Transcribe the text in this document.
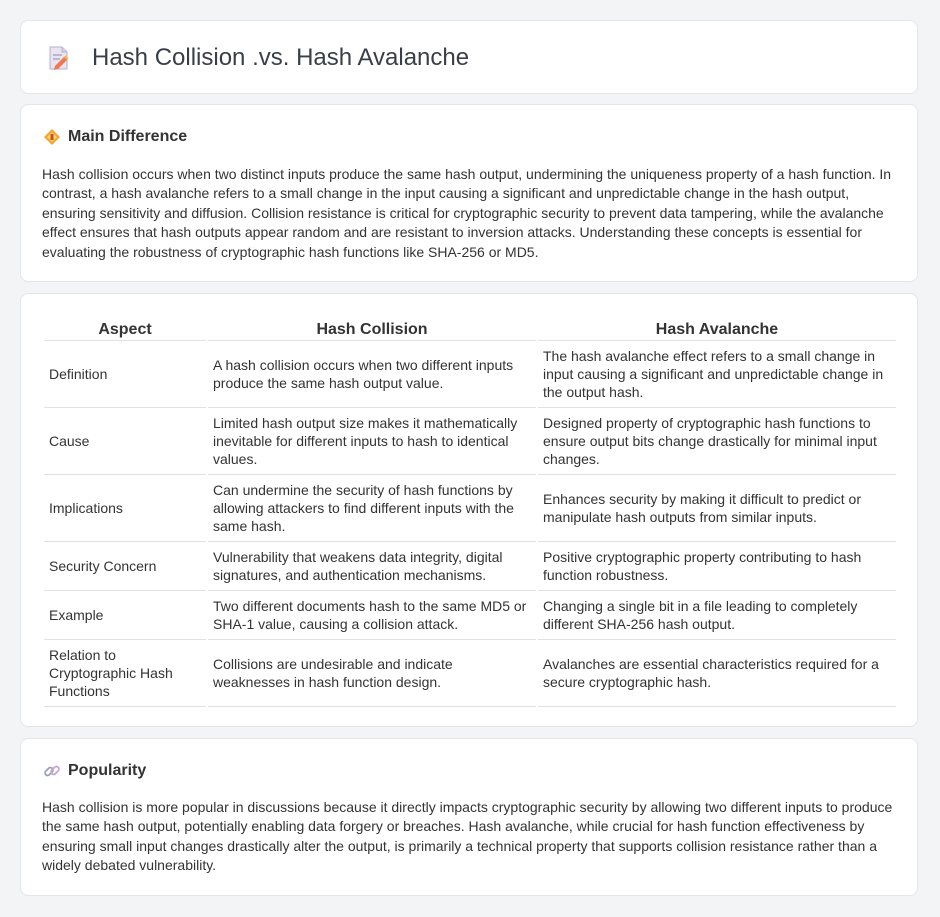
Hash Collision .vs. Hash Avalanche
Main Difference

Hash collision occurs when two distinct inputs produce the same hash output, undermining the uniqueness property of a hash function. In contrast, a hash avalanche refers to a small change in the input causing a significant and unpredictable change in the hash output, ensuring sensitivity and diffusion. Collision resistance is critical for cryptographic security to prevent data tampering, while the avalanche effect ensures that hash outputs appear random and are resistant to inversion attacks. Understanding these concepts is essential for evaluating the robustness of cryptographic hash functions like SHA-256 or MD5.

Aspect	Hash Collision	Hash Avalanche
Definition	A hash collision occurs when two different inputs produce the same hash output value.	The hash avalanche effect refers to a small change in input causing a significant and unpredictable change in the output hash.
Cause	Limited hash output size makes it mathematically inevitable for different inputs to hash to identical values.	Designed property of cryptographic hash functions to ensure output bits change drastically for minimal input changes.
Implications	Can undermine the security of hash functions by allowing attackers to find different inputs with the same hash.	Enhances security by making it difficult to predict or manipulate hash outputs from similar inputs.
Security Concern	Vulnerability that weakens data integrity, digital signatures, and authentication mechanisms.	Positive cryptographic property contributing to hash function robustness.
Example	Two different documents hash to the same MD5 or SHA-1 value, causing a collision attack.	Changing a single bit in a file leading to completely different SHA-256 hash output.
Relation to Cryptographic Hash Functions	Collisions are undesirable and indicate weaknesses in hash function design.	Avalanches are essential characteristics required for a secure cryptographic hash.
Popularity

Hash collision is more popular in discussions because it directly impacts cryptographic security by allowing two different inputs to produce the same hash output, potentially enabling data forgery or breaches. Hash avalanche, while crucial for hash function effectiveness by ensuring small input changes drastically alter the output, is primarily a technical property that supports collision resistance rather than a widely debated vulnerability.
